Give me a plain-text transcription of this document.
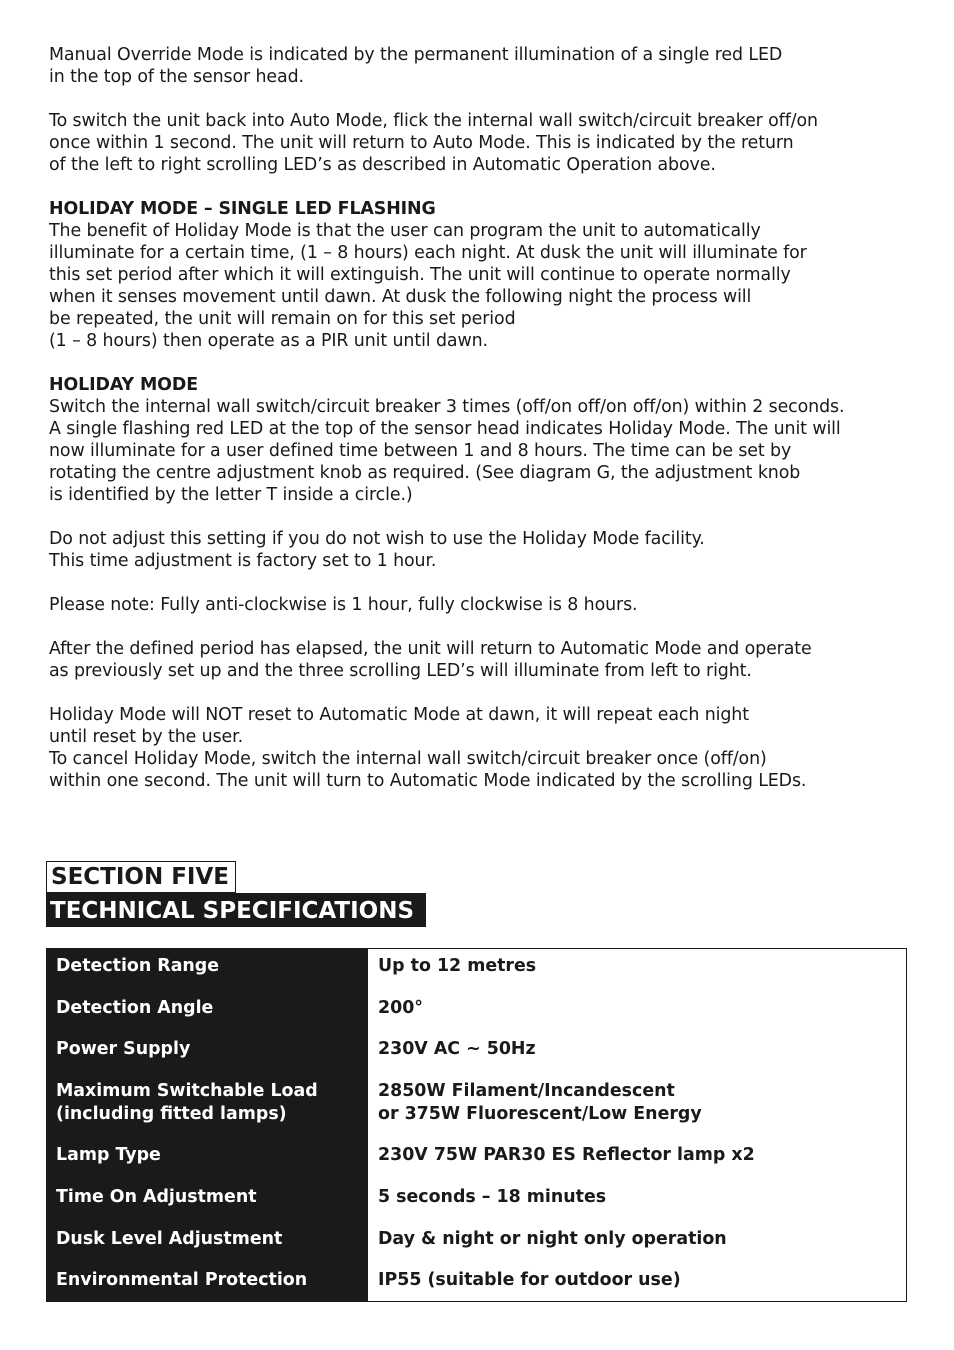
Manual Override Mode is indicated by the permanent illumination of a single red LED
in the top of the sensor head.

To switch the unit back into Auto Mode, flick the internal wall switch/circuit breaker off/on
once within 1 second. The unit will return to Auto Mode. This is indicated by the return
of the left to right scrolling LED’s as described in Automatic Operation above.

HOLIDAY MODE – SINGLE LED FLASHING

The benefit of Holiday Mode is that the user can program the unit to automatically
illuminate for a certain time, (1 – 8 hours) each night. At dusk the unit will illuminate for
this set period after which it will extinguish. The unit will continue to operate normally
when it senses movement until dawn. At dusk the following night the process will
be repeated, the unit will remain on for this set period
(1 – 8 hours) then operate as a PIR unit until dawn.

HOLIDAY MODE

Switch the internal wall switch/circuit breaker 3 times (off/on off/on off/on) within 2 seconds.
A single flashing red LED at the top of the sensor head indicates Holiday Mode. The unit will
now illuminate for a user defined time between 1 and 8 hours. The time can be set by
rotating the centre adjustment knob as required. (See diagram G, the adjustment knob
is identified by the letter T inside a circle.)

Do not adjust this setting if you do not wish to use the Holiday Mode facility.
This time adjustment is factory set to 1 hour.

Please note: Fully anti-clockwise is 1 hour, fully clockwise is 8 hours.

After the defined period has elapsed, the unit will return to Automatic Mode and operate
as previously set up and the three scrolling LED’s will illuminate from left to right.

Holiday Mode will NOT reset to Automatic Mode at dawn, it will repeat each night
until reset by the user.

To cancel Holiday Mode, switch the internal wall switch/circuit breaker once (off/on)
within one second. The unit will turn to Automatic Mode indicated by the scrolling LEDs.

SECTION FIVE
TECHNICAL SPECIFICATIONS
Detection Range
Detection Angle
Power Supply
Maximum Switchable Load
(including fitted lamps)
Lamp Type
Time On Adjustment
Dusk Level Adjustment
Environmental Protection
Up to 12 metres
200°
230V AC ~ 50Hz
2850W Filament/Incandescent
or 375W Fluorescent/Low Energy
230V 75W PAR30 ES Reflector lamp x2
5 seconds – 18 minutes
Day & night or night only operation
IP55 (suitable for outdoor use)
